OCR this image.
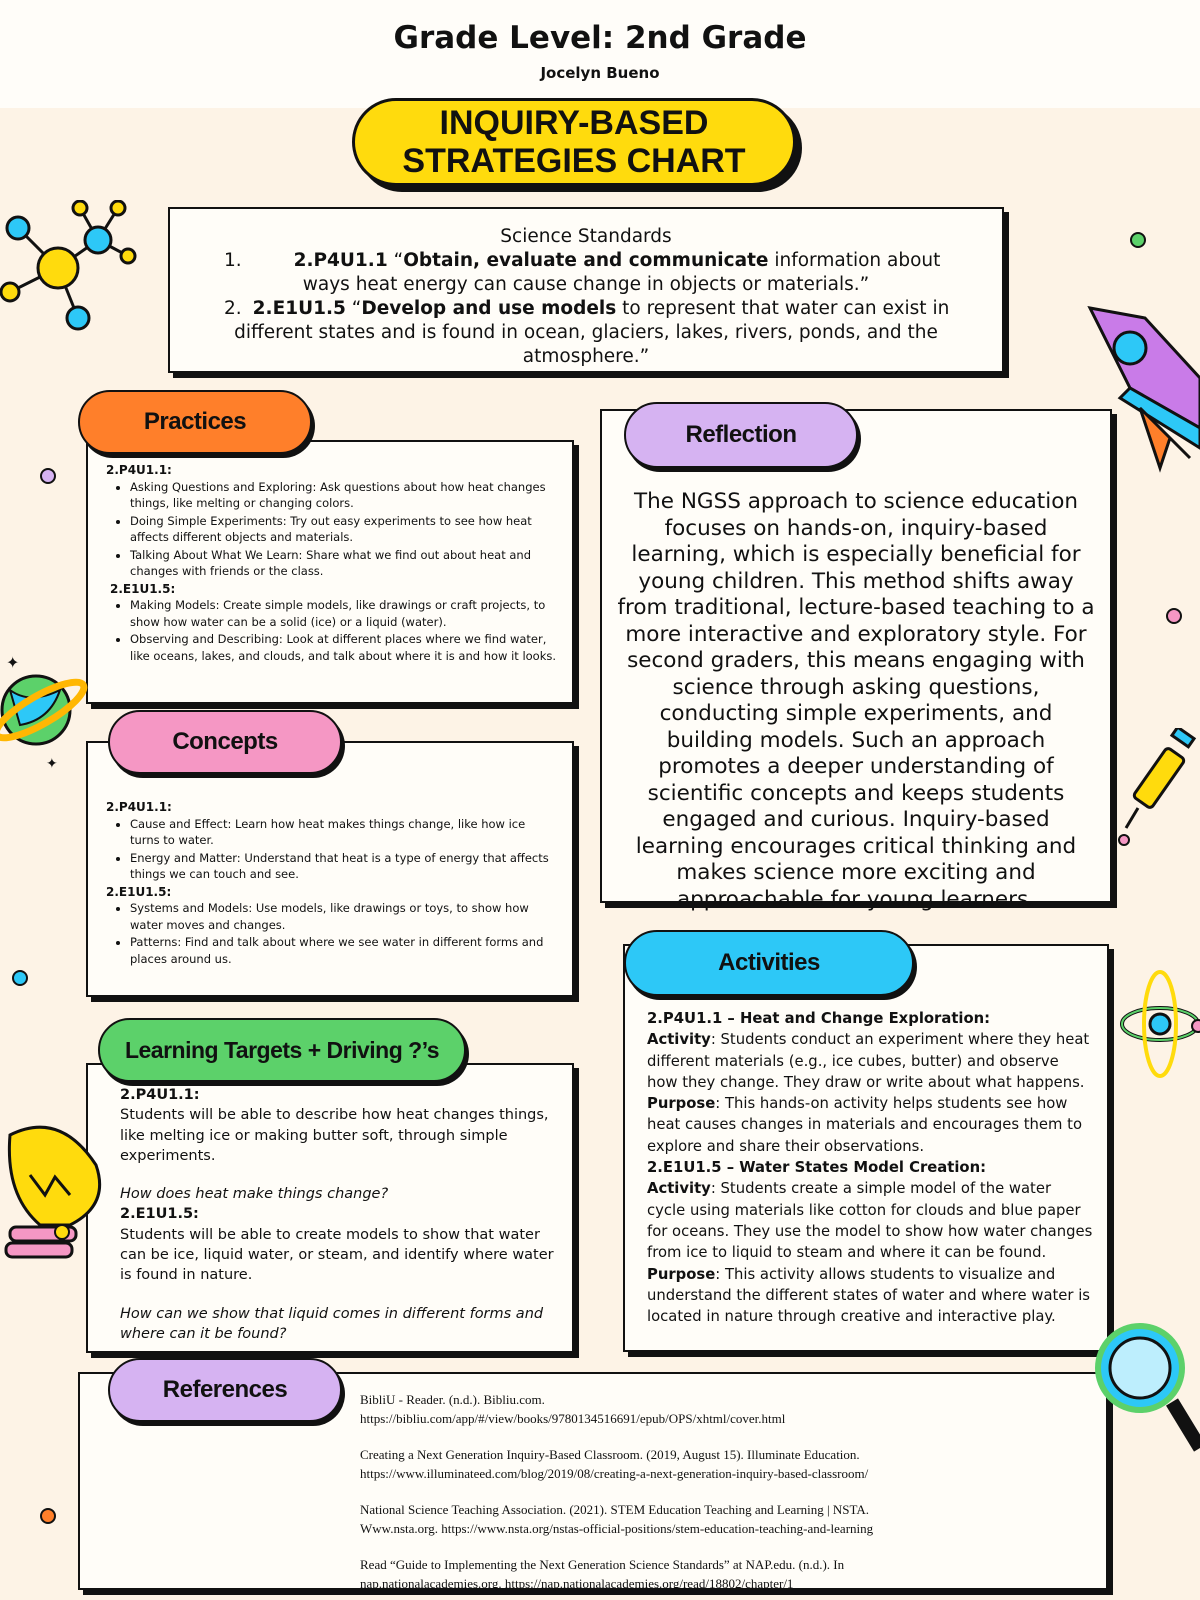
Grade Level: 2nd Grade
Jocelyn Bueno
INQUIRY-BASED
STRATEGIES CHART
Science Standards
1.	2.P4U1.1 “Obtain, evaluate and communicate information about ways heat energy can cause change in objects or materials.”
2. 2.E1U1.5 “Develop and use models to represent that water can exist in different states and is found in ocean, glaciers, lakes, rivers, ponds, and the atmosphere.”
2.P4U1.1:
• Asking Questions and Exploring: Ask questions about how heat changes things, like melting or changing colors.
• Doing Simple Experiments: Try out easy experiments to see how heat affects different objects and materials.
• Talking About What We Learn: Share what we find out about heat and changes with friends or the class.
2.E1U1.5:
• Making Models: Create simple models, like drawings or craft projects, to show how water can be a solid (ice) or a liquid (water).
• Observing and Describing: Look at different places where we find water, like oceans, lakes, and clouds, and talk about where it is and how it looks.
Practices
2.P4U1.1:
• Cause and Effect: Learn how heat makes things change, like how ice turns to water.
• Energy and Matter: Understand that heat is a type of energy that affects things we can touch and see.
2.E1U1.5:
• Systems and Models: Use models, like drawings or toys, to show how water moves and changes.
• Patterns: Find and talk about where we see water in different forms and places around us.
Concepts
2.P4U1.1:
Students will be able to describe how heat changes things, like melting ice or making butter soft, through simple experiments.
How does heat make things change?
2.E1U1.5:
Students will be able to create models to show that water can be ice, liquid water, or steam, and identify where water is found in nature.
How can we show that liquid comes in different forms and where can it be found?
Learning Targets + Driving ?’s
The NGSS approach to science education focuses on hands-on, inquiry-based learning, which is especially beneficial for young children. This method shifts away from traditional, lecture-based teaching to a more interactive and exploratory style. For second graders, this means engaging with science through asking questions, conducting simple experiments, and building models. Such an approach promotes a deeper understanding of scientific concepts and keeps students engaged and curious. Inquiry-based learning encourages critical thinking and makes science more exciting and approachable for young learners.
Reflection
2.P4U1.1 – Heat and Change Exploration:
Activity: Students conduct an experiment where they heat different materials (e.g., ice cubes, butter) and observe how they change. They draw or write about what happens.
Purpose: This hands-on activity helps students see how heat causes changes in materials and encourages them to explore and share their observations.
2.E1U1.5 – Water States Model Creation:
Activity: Students create a simple model of the water cycle using materials like cotton for clouds and blue paper for oceans. They use the model to show how water changes from ice to liquid to steam and where it can be found.
Purpose: This activity allows students to visualize and understand the different states of water and where water is located in nature through creative and interactive play.
Activities

BibliU - Reader. (n.d.). Bibliu.com.
https://bibliu.com/app/#/view/books/9780134516691/epub/OPS/xhtml/cover.html

Creating a Next Generation Inquiry-Based Classroom. (2019, August 15). Illuminate Education.
https://www.illuminateed.com/blog/2019/08/creating-a-next-generation-inquiry-based-classroom/

National Science Teaching Association. (2021). STEM Education Teaching and Learning | NSTA.
Www.nsta.org. https://www.nsta.org/nstas-official-positions/stem-education-teaching-and-learning

Read “Guide to Implementing the Next Generation Science Standards” at NAP.edu. (n.d.). In
nap.nationalacademies.org. https://nap.nationalacademies.org/read/18802/chapter/1

References
✦
✦
